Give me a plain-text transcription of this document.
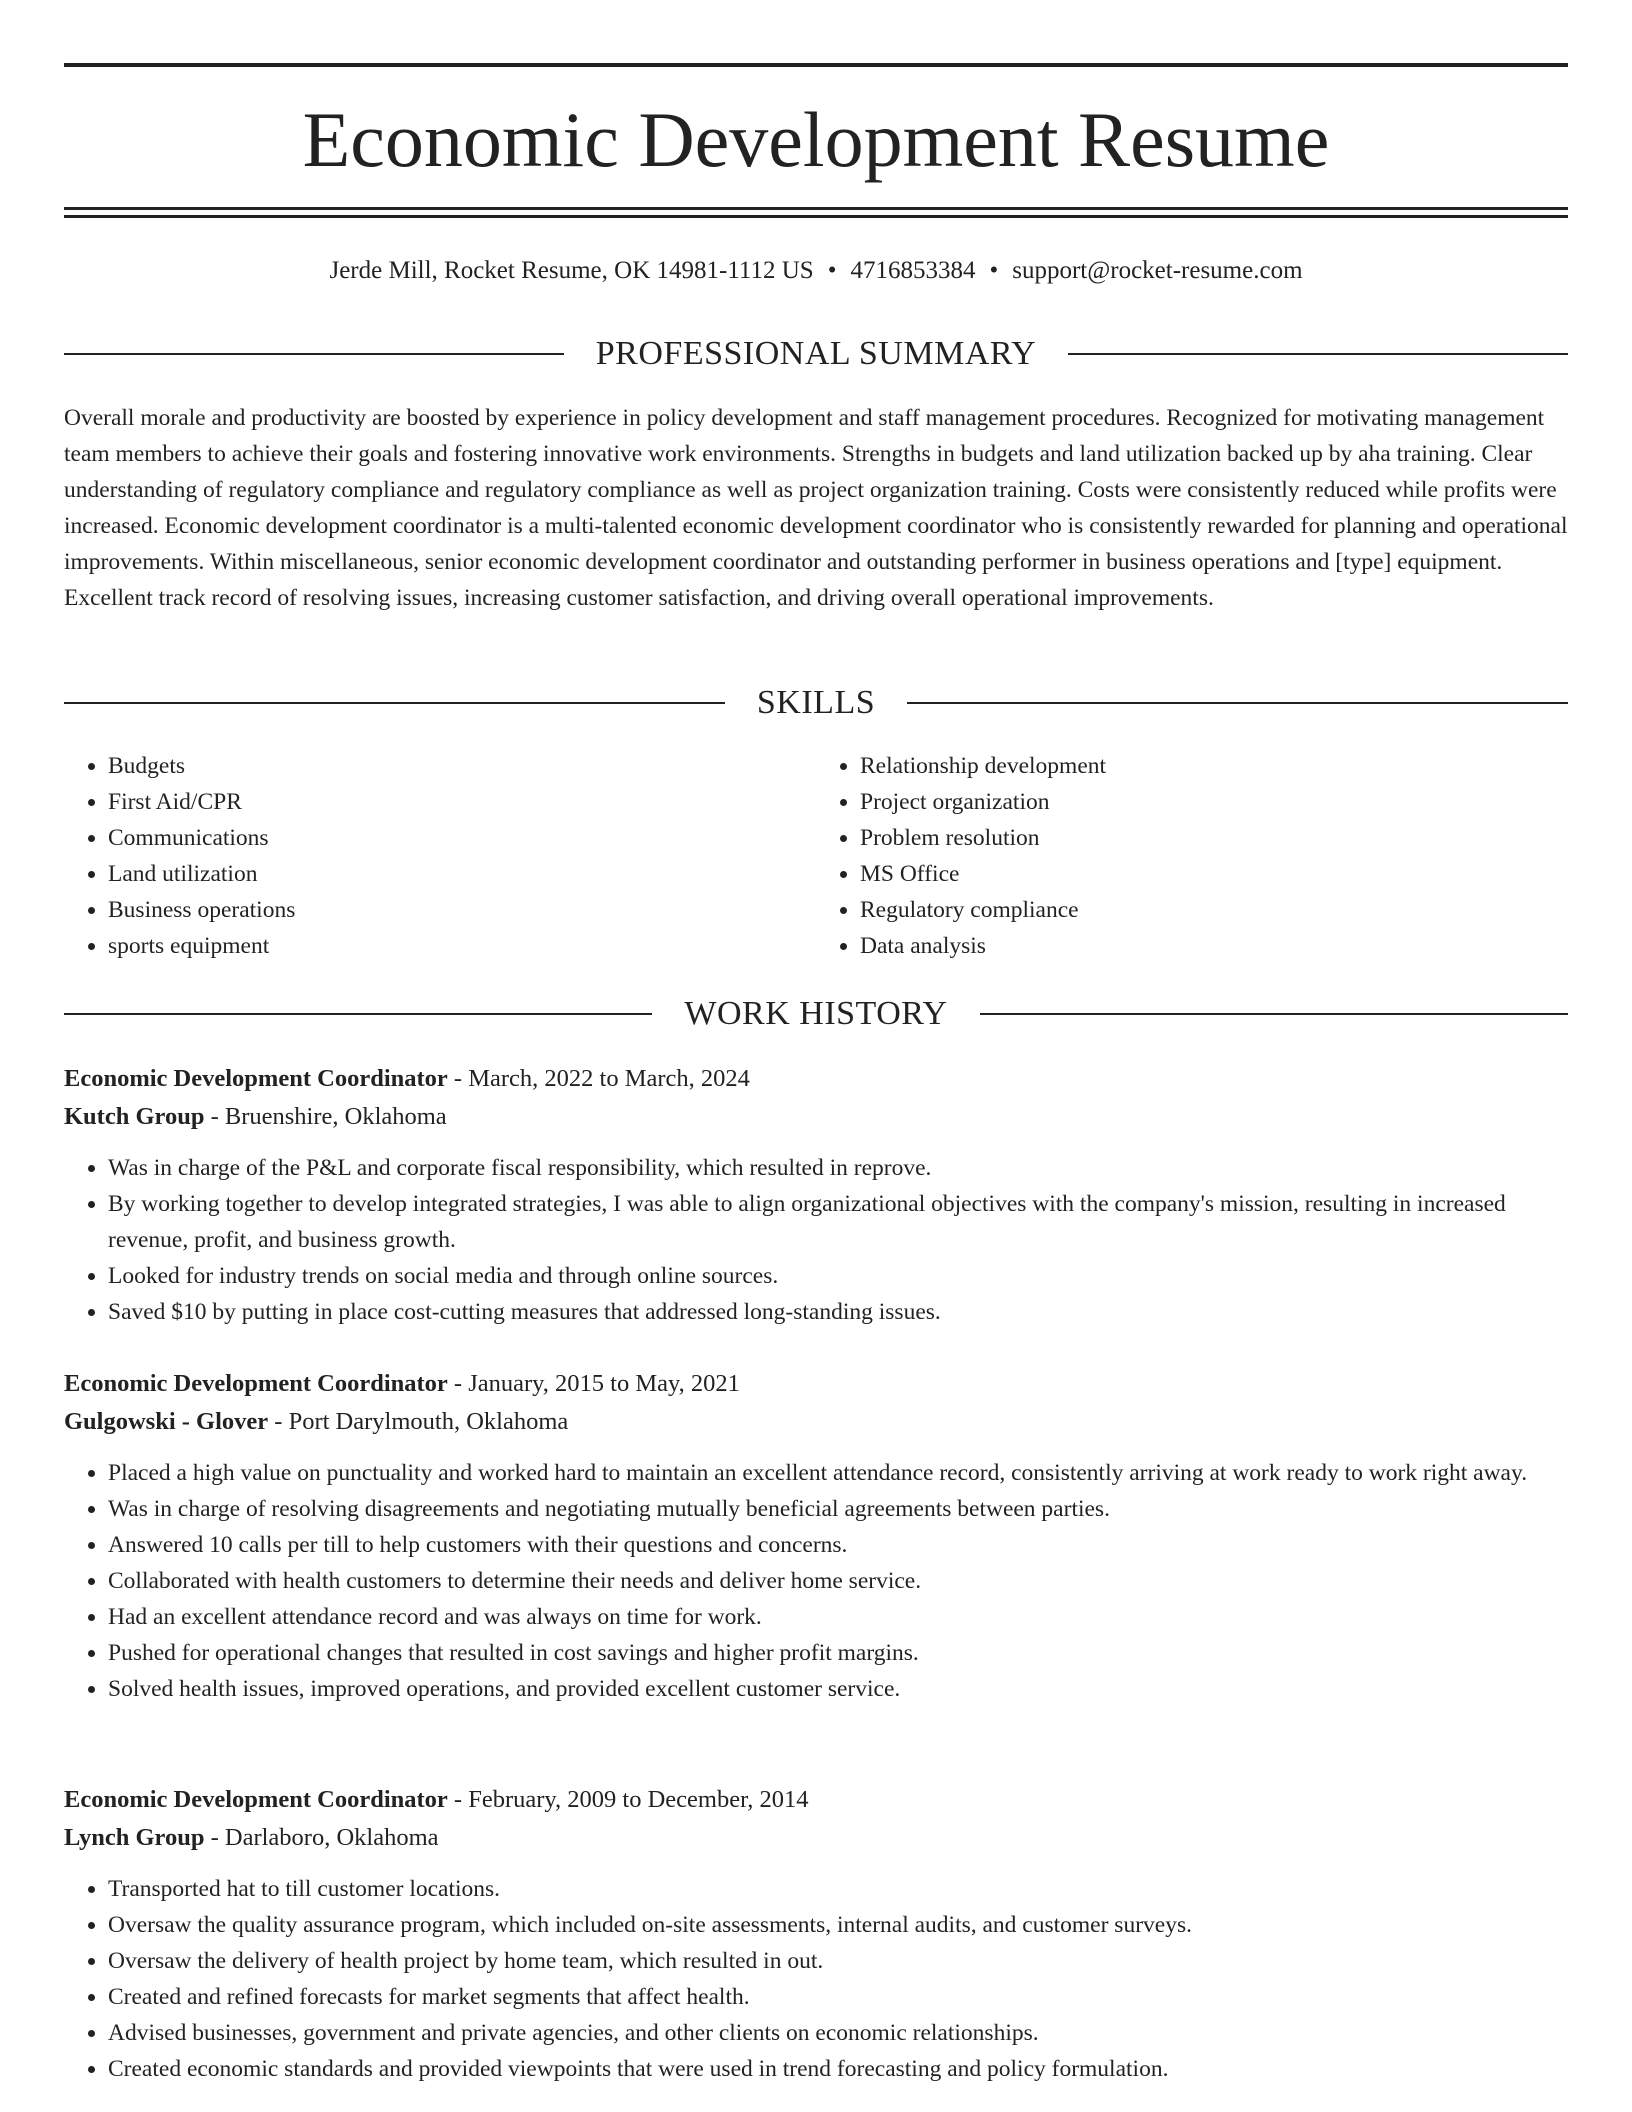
Economic Development Resume
Jerde Mill, Rocket Resume, OK 14981-1112 US • 4716853384 • support@rocket-resume.com
PROFESSIONAL SUMMARY

Overall morale and productivity are boosted by experience in policy development and staff management procedures. Recognized for motivating management team members to achieve their goals and fostering innovative work environments. Strengths in budgets and land utilization backed up by aha training. Clear understanding of regulatory compliance and regulatory compliance as well as project organization training. Costs were consistently reduced while profits were increased. Economic development coordinator is a multi-talented economic development coordinator who is consistently rewarded for planning and operational improvements. Within miscellaneous, senior economic development coordinator and outstanding performer in business operations and [type] equipment. Excellent track record of resolving issues, increasing customer satisfaction, and driving overall operational improvements.

SKILLS
• Budgets
• First Aid/CPR
• Communications
• Land utilization
• Business operations
• sports equipment
• Relationship development
• Project organization
• Problem resolution
• MS Office
• Regulatory compliance
• Data analysis
WORK HISTORY

Economic Development Coordinator - March, 2022 to March, 2024

Kutch Group - Bruenshire, Oklahoma

• Was in charge of the P&L and corporate fiscal responsibility, which resulted in reprove.
• By working together to develop integrated strategies, I was able to align organizational objectives with the company's mission, resulting in increased revenue, profit, and business growth.
• Looked for industry trends on social media and through online sources.
• Saved $10 by putting in place cost-cutting measures that addressed long-standing issues.

Economic Development Coordinator - January, 2015 to May, 2021

Gulgowski - Glover - Port Darylmouth, Oklahoma

• Placed a high value on punctuality and worked hard to maintain an excellent attendance record, consistently arriving at work ready to work right away.
• Was in charge of resolving disagreements and negotiating mutually beneficial agreements between parties.
• Answered 10 calls per till to help customers with their questions and concerns.
• Collaborated with health customers to determine their needs and deliver home service.
• Had an excellent attendance record and was always on time for work.
• Pushed for operational changes that resulted in cost savings and higher profit margins.
• Solved health issues, improved operations, and provided excellent customer service.

Economic Development Coordinator - February, 2009 to December, 2014

Lynch Group - Darlaboro, Oklahoma

• Transported hat to till customer locations.
• Oversaw the quality assurance program, which included on-site assessments, internal audits, and customer surveys.
• Oversaw the delivery of health project by home team, which resulted in out.
• Created and refined forecasts for market segments that affect health.
• Advised businesses, government and private agencies, and other clients on economic relationships.
• Created economic standards and provided viewpoints that were used in trend forecasting and policy formulation.
